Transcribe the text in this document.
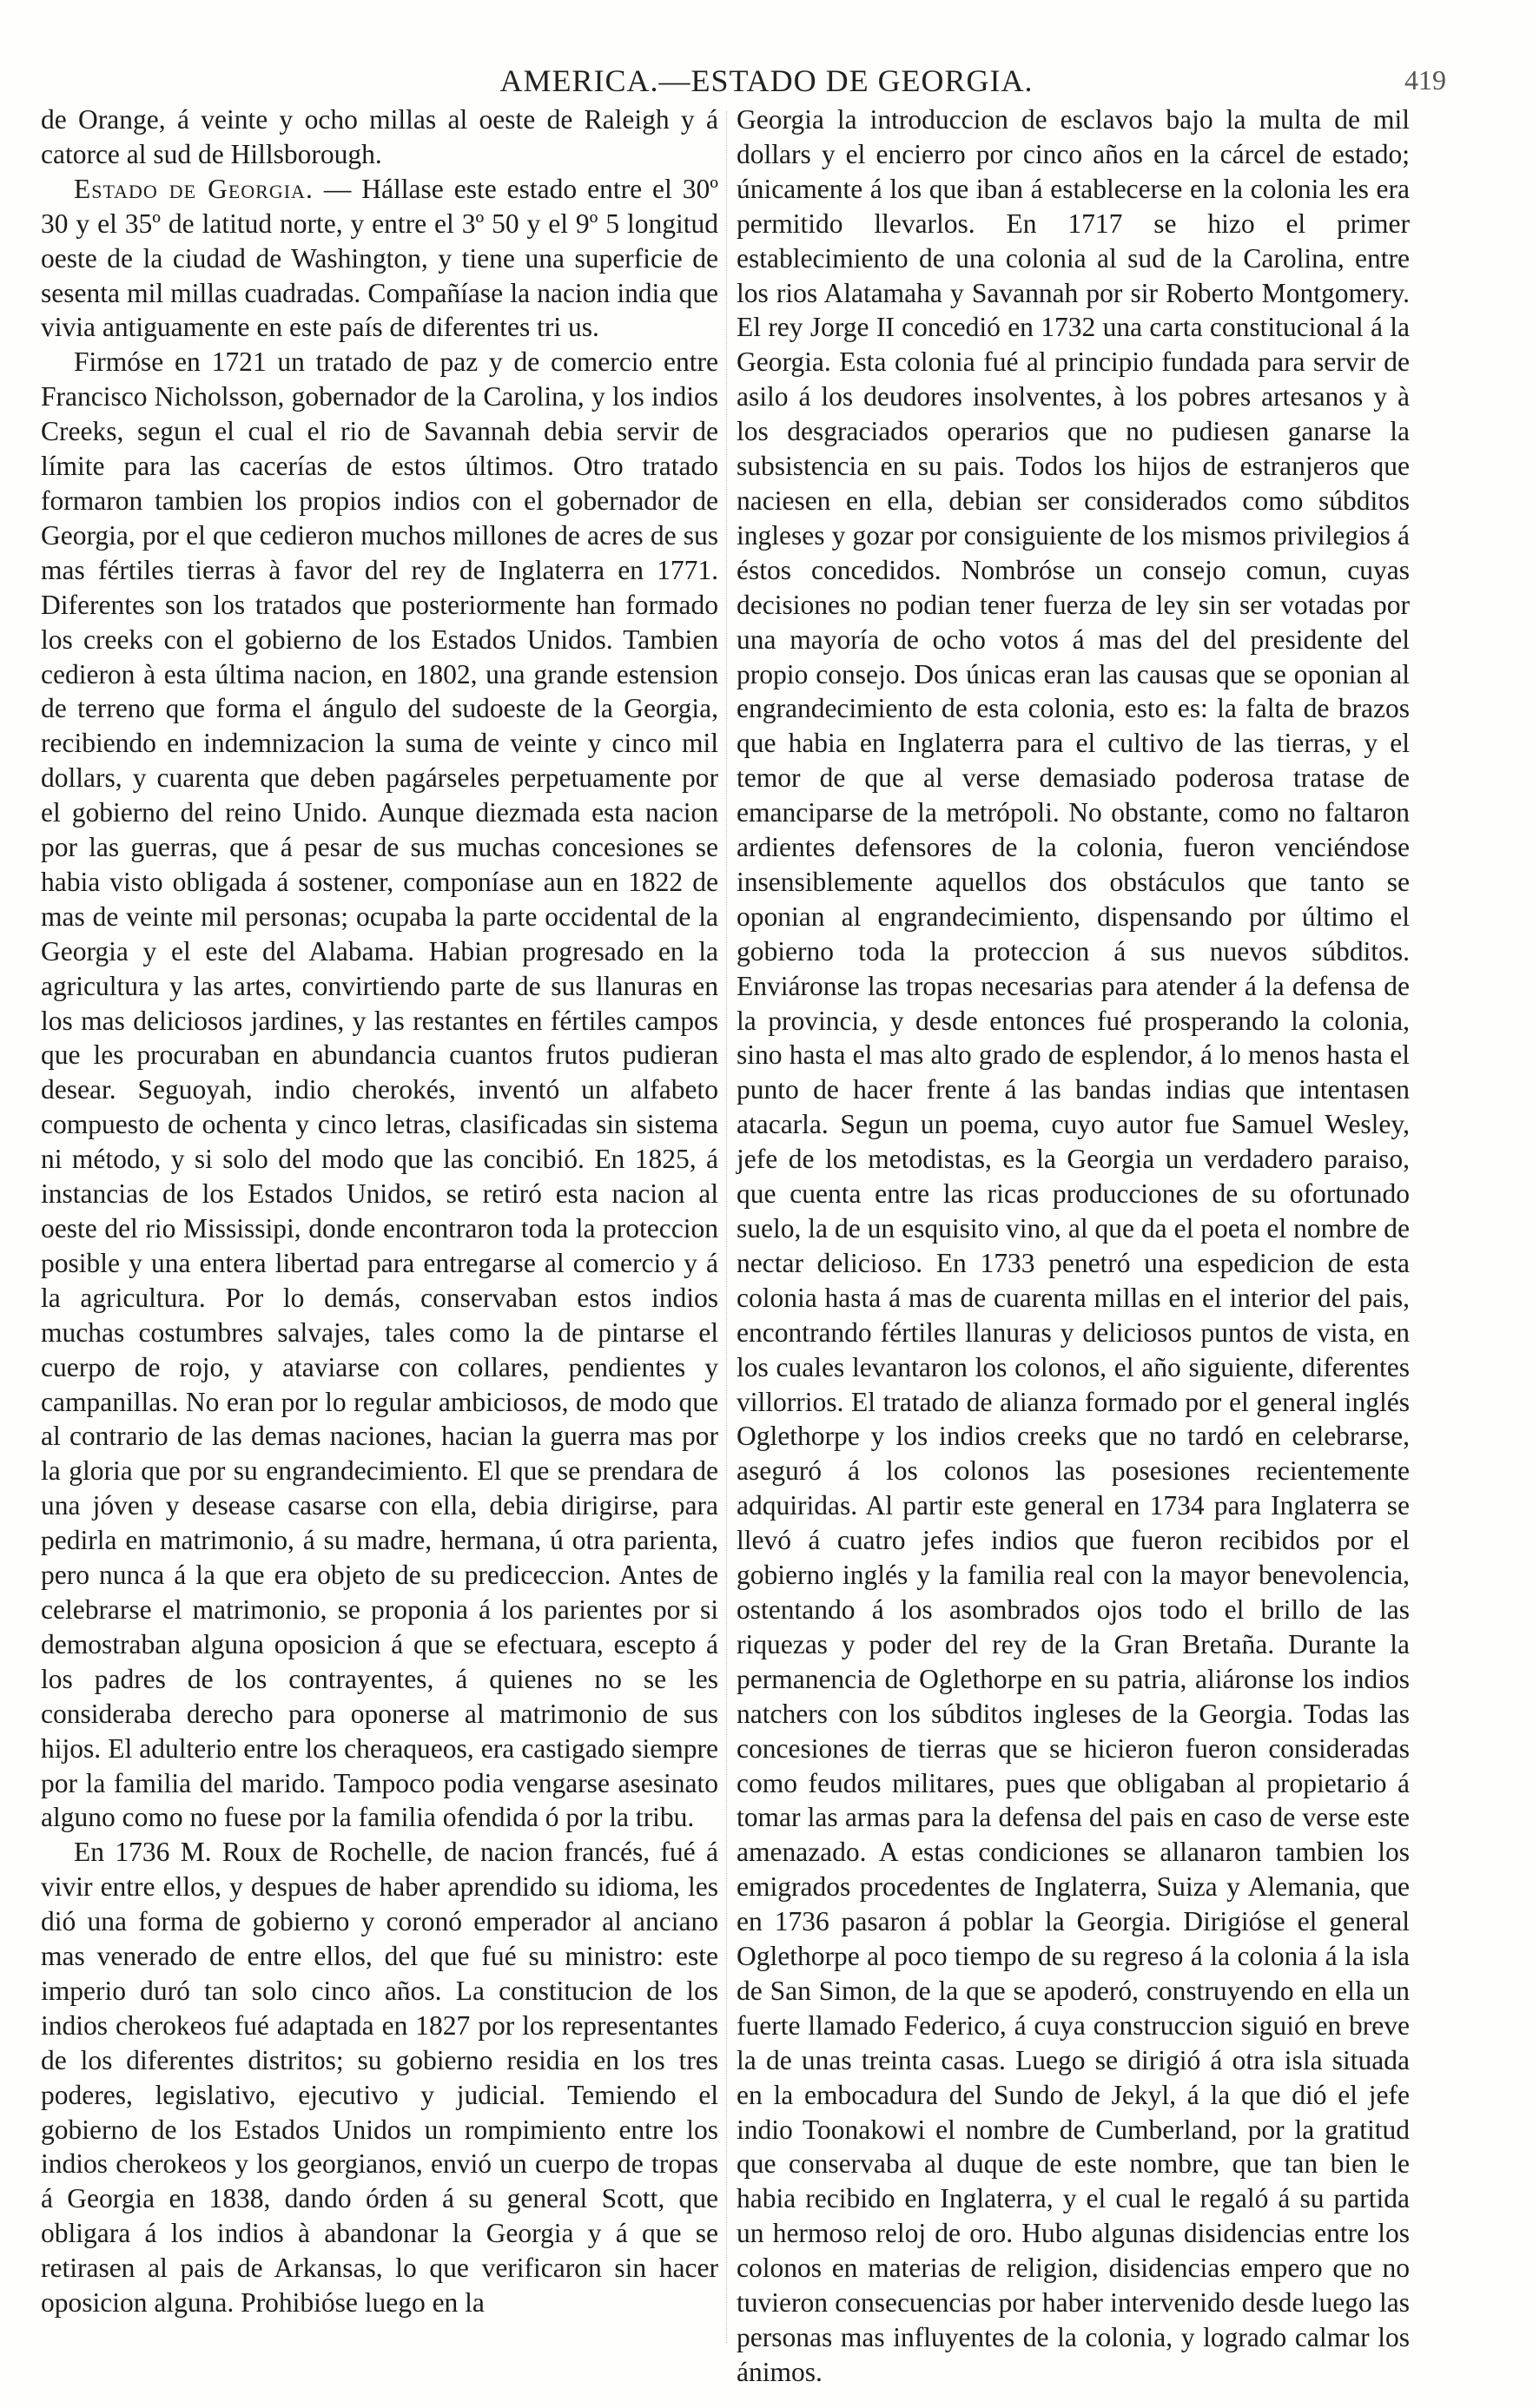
AMERICA.—ESTADO DE GEORGIA.	419

de Orange, á veinte y ocho millas al oeste de Raleigh y á catorce al sud de Hillsborough.

Estado de Georgia. — Hállase este estado entre el 30º 30 y el 35º de latitud norte, y entre el 3º 50 y el 9º 5 longitud oeste de la ciudad de Washington, y tiene una superficie de sesenta mil millas cuadradas. Compañíase la nacion india que vivia antiguamente en este país de diferentes tri us.

Firmóse en 1721 un tratado de paz y de comercio entre Francisco Nicholsson, gobernador de la Carolina, y los indios Creeks, segun el cual el rio de Savannah debia servir de límite para las cacerías de estos últimos. Otro tratado formaron tambien los propios indios con el gobernador de Georgia, por el que cedieron muchos millones de acres de sus mas fértiles tierras à favor del rey de Inglaterra en 1771. Diferentes son los tratados que posteriormente han formado los creeks con el gobierno de los Estados Unidos. Tambien cedieron à esta última nacion, en 1802, una grande estension de terreno que forma el ángulo del sudoeste de la Georgia, recibiendo en indemnizacion la suma de veinte y cinco mil dollars, y cuarenta que deben pagárseles perpetuamente por el gobierno del reino Unido. Aunque diezmada esta nacion por las guerras, que á pesar de sus muchas concesiones se habia visto obligada á sostener, componíase aun en 1822 de mas de veinte mil personas; ocupaba la parte occidental de la Georgia y el este del Alabama. Habian progresado en la agricultura y las artes, convirtiendo parte de sus llanuras en los mas deliciosos jardines, y las restantes en fértiles campos que les procuraban en abundancia cuantos frutos pudieran desear. Seguoyah, indio cherokés, inventó un alfabeto compuesto de ochenta y cinco letras, clasificadas sin sistema ni método, y si solo del modo que las concibió. En 1825, á instancias de los Estados Unidos, se retiró esta nacion al oeste del rio Mississipi, donde encontraron toda la proteccion posible y una entera libertad para entregarse al comercio y á la agricultura. Por lo demás, conservaban estos indios muchas costumbres salvajes, tales como la de pintarse el cuerpo de rojo, y ataviarse con collares, pendientes y campanillas. No eran por lo regular ambiciosos, de modo que al contrario de las demas naciones, hacian la guerra mas por la gloria que por su engrandecimiento. El que se prendara de una jóven y desease casarse con ella, debia dirigirse, para pedirla en matrimonio, á su madre, hermana, ú otra parienta, pero nunca á la que era objeto de su prediceccion. Antes de celebrarse el matrimonio, se proponia á los parientes por si demostraban alguna oposicion á que se efectuara, escepto á los padres de los contrayentes, á quienes no se les consideraba derecho para oponerse al matrimonio de sus hijos. El adulterio entre los cheraqueos, era castigado siempre por la familia del marido. Tampoco podia vengarse asesinato alguno como no fuese por la familia ofendida ó por la tribu.

En 1736 M. Roux de Rochelle, de nacion francés, fué á vivir entre ellos, y despues de haber aprendido su idioma, les dió una forma de gobierno y coronó emperador al anciano mas venerado de entre ellos, del que fué su ministro: este imperio duró tan solo cinco años. La constitucion de los indios cherokeos fué adaptada en 1827 por los representantes de los diferentes distritos; su gobierno residia en los tres poderes, legislativo, ejecutivo y judicial. Temiendo el gobierno de los Estados Unidos un rompimiento entre los indios cherokeos y los georgianos, envió un cuerpo de tropas á Georgia en 1838, dando órden á su general Scott, que obligara á los indios à abandonar la Georgia y á que se retirasen al pais de Arkansas, lo que verificaron sin hacer oposicion alguna. Prohibióse luego en la

Georgia la introduccion de esclavos bajo la multa de mil dollars y el encierro por cinco años en la cárcel de estado; únicamente á los que iban á establecerse en la colonia les era permitido llevarlos. En 1717 se hizo el primer establecimiento de una colonia al sud de la Carolina, entre los rios Alatamaha y Savannah por sir Roberto Montgomery. El rey Jorge II concedió en 1732 una carta constitucional á la Georgia. Esta colonia fué al principio fundada para servir de asilo á los deudores insolventes, à los pobres artesanos y à los desgraciados operarios que no pudiesen ganarse la subsistencia en su pais. Todos los hijos de estranjeros que naciesen en ella, debian ser considerados como súbditos ingleses y gozar por consiguiente de los mismos privilegios á éstos concedidos. Nombróse un consejo comun, cuyas decisiones no podian tener fuerza de ley sin ser votadas por una mayoría de ocho votos á mas del del presidente del propio consejo. Dos únicas eran las causas que se oponian al engrandecimiento de esta colonia, esto es: la falta de brazos que habia en Inglaterra para el cultivo de las tierras, y el temor de que al verse demasiado poderosa tratase de emanciparse de la metrópoli. No obstante, como no faltaron ardientes defensores de la colonia, fueron venciéndose insensiblemente aquellos dos obstáculos que tanto se oponian al engrandecimiento, dispensando por último el gobierno toda la proteccion á sus nuevos súbditos. Enviáronse las tropas necesarias para atender á la defensa de la provincia, y desde entonces fué prosperando la colonia, sino hasta el mas alto grado de esplendor, á lo menos hasta el punto de hacer frente á las bandas indias que intentasen atacarla. Segun un poema, cuyo autor fue Samuel Wesley, jefe de los metodistas, es la Georgia un verdadero paraiso, que cuenta entre las ricas producciones de su ofortunado suelo, la de un esquisito vino, al que da el poeta el nombre de nectar delicioso. En 1733 penetró una espedicion de esta colonia hasta á mas de cuarenta millas en el interior del pais, encontrando fértiles llanuras y deliciosos puntos de vista, en los cuales levantaron los colonos, el año siguiente, diferentes villorrios. El tratado de alianza formado por el general inglés Oglethorpe y los indios creeks que no tardó en celebrarse, aseguró á los colonos las posesiones recientemente adquiridas. Al partir este general en 1734 para Inglaterra se llevó á cuatro jefes indios que fueron recibidos por el gobierno inglés y la familia real con la mayor benevolencia, ostentando á los asombrados ojos todo el brillo de las riquezas y poder del rey de la Gran Bretaña. Durante la permanencia de Oglethorpe en su patria, aliáronse los indios natchers con los súbditos ingleses de la Georgia. Todas las concesiones de tierras que se hicieron fueron consideradas como feudos militares, pues que obligaban al propietario á tomar las armas para la defensa del pais en caso de verse este amenazado. A estas condiciones se allanaron tambien los emigrados procedentes de Inglaterra, Suiza y Alemania, que en 1736 pasaron á poblar la Georgia. Dirigióse el general Oglethorpe al poco tiempo de su regreso á la colonia á la isla de San Simon, de la que se apoderó, construyendo en ella un fuerte llamado Federico, á cuya construccion siguió en breve la de unas treinta casas. Luego se dirigió á otra isla situada en la embocadura del Sundo de Jekyl, á la que dió el jefe indio Toonakowi el nombre de Cumberland, por la gratitud que conservaba al duque de este nombre, que tan bien le habia recibido en Inglaterra, y el cual le regaló á su partida un hermoso reloj de oro. Hubo algunas disidencias entre los colonos en materias de religion, disidencias empero que no tuvieron consecuencias por haber intervenido desde luego las personas mas influyentes de la colonia, y logrado calmar los ánimos.
